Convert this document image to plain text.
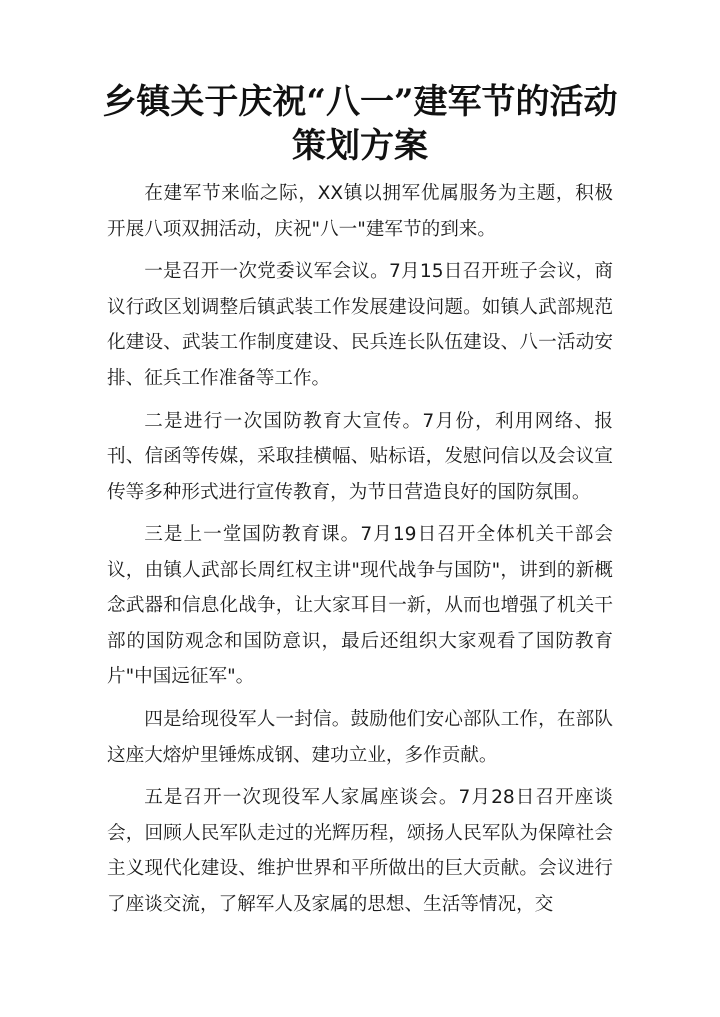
乡镇关于庆祝“八一”建军节的活动策划方案

在建军节来临之际，XX镇以拥军优属服务为主题，积极开展八项双拥活动，庆祝"八一"建军节的到来。

一是召开一次党委议军会议。7月15日召开班子会议，商议行政区划调整后镇武装工作发展建设问题。如镇人武部规范化建设、武装工作制度建设、民兵连长队伍建设、八一活动安排、征兵工作准备等工作。

二是进行一次国防教育大宣传。7月份，利用网络、报刊、信函等传媒，采取挂横幅、贴标语，发慰问信以及会议宣传等多种形式进行宣传教育，为节日营造良好的国防氛围。

三是上一堂国防教育课。7月19日召开全体机关干部会议，由镇人武部长周红权主讲"现代战争与国防"，讲到的新概念武器和信息化战争，让大家耳目一新，从而也增强了机关干部的国防观念和国防意识，最后还组织大家观看了国防教育片"中国远征军"。

四是给现役军人一封信。鼓励他们安心部队工作，在部队这座大熔炉里锤炼成钢、建功立业，多作贡献。

五是召开一次现役军人家属座谈会。7月28日召开座谈会，回顾人民军队走过的光辉历程，颂扬人民军队为保障社会主义现代化建设、维护世界和平所做出的巨大贡献。会议进行了座谈交流，了解军人及家属的思想、生活等情况，交
